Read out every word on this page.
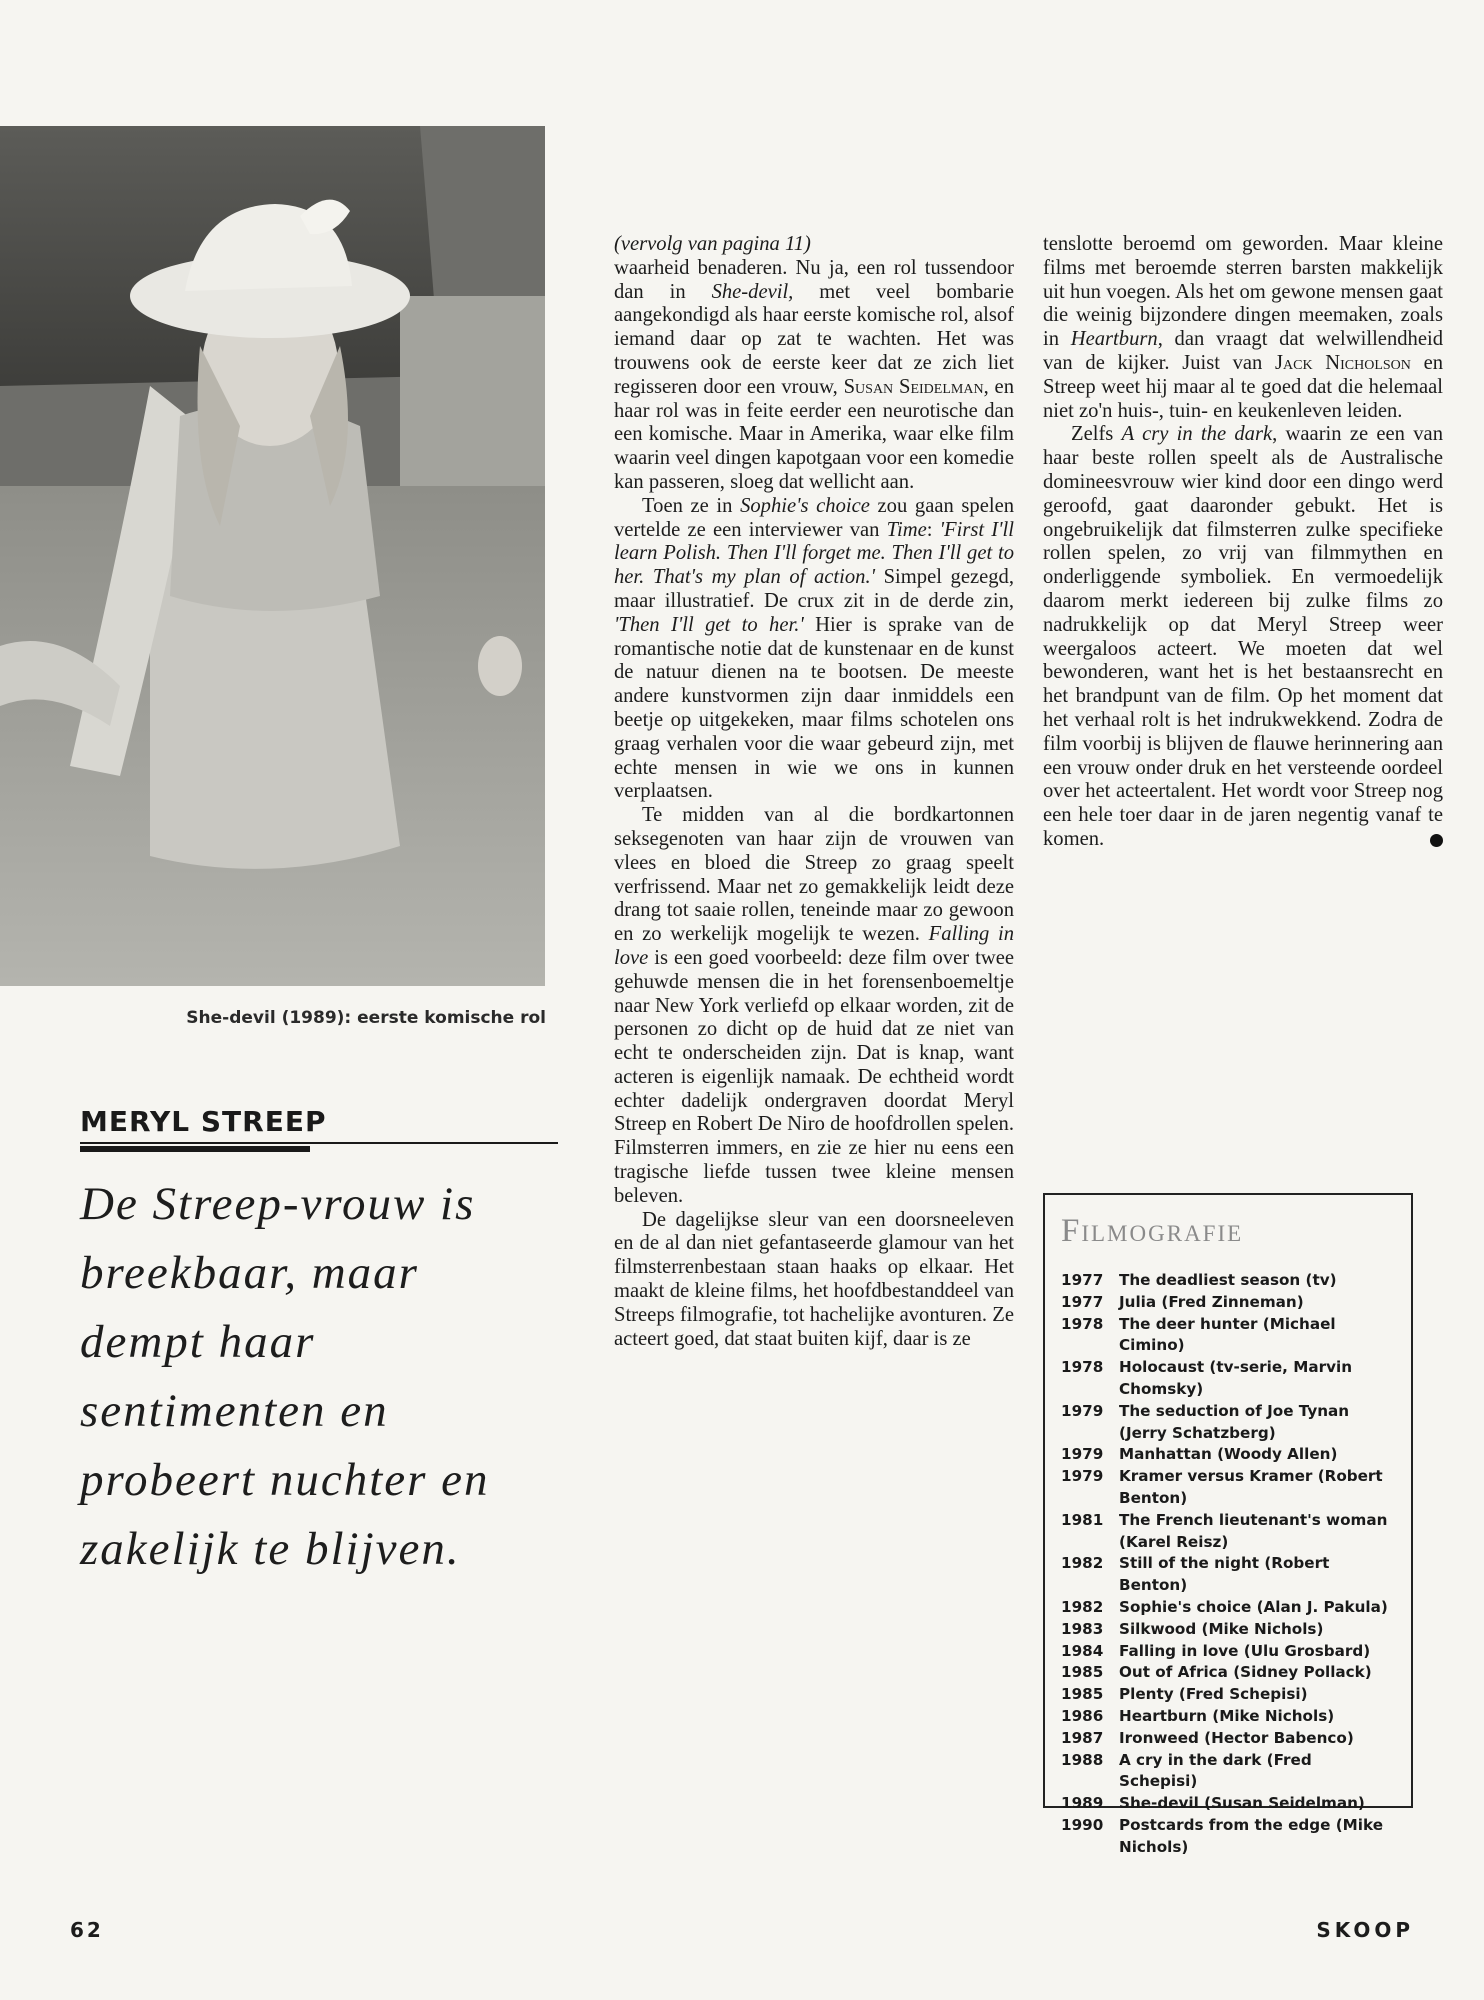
She-devil (1989): eerste komische rol
MERYL STREEP
De Streep-vrouw is breekbaar, maar dempt haar sentimenten en probeert nuchter en zakelijk te blijven.
(vervolg van pagina 11)

waarheid benaderen. Nu ja, een rol tussendoor dan in She-devil, met veel bombarie aangekondigd als haar eerste komische rol, alsof iemand daar op zat te wachten. Het was trouwens ook de eerste keer dat ze zich liet regisseren door een vrouw, Susan Seidelman, en haar rol was in feite eerder een neurotische dan een komische. Maar in Amerika, waar elke film waarin veel dingen kapotgaan voor een komedie kan passeren, sloeg dat wellicht aan.

Toen ze in Sophie's choice zou gaan spelen vertelde ze een interviewer van Time: 'First I'll learn Polish. Then I'll forget me. Then I'll get to her. That's my plan of action.' Simpel gezegd, maar illustratief. De crux zit in de derde zin, 'Then I'll get to her.' Hier is sprake van de romantische notie dat de kunstenaar en de kunst de natuur dienen na te bootsen. De meeste andere kunstvormen zijn daar inmiddels een beetje op uitgekeken, maar films schotelen ons graag verhalen voor die waar gebeurd zijn, met echte mensen in wie we ons in kunnen verplaatsen.

Te midden van al die bordkartonnen seksegenoten van haar zijn de vrouwen van vlees en bloed die Streep zo graag speelt verfrissend. Maar net zo gemakkelijk leidt deze drang tot saaie rollen, teneinde maar zo gewoon en zo werkelijk mogelijk te wezen. Falling in love is een goed voorbeeld: deze film over twee gehuwde mensen die in het forensenboemeltje naar New York verliefd op elkaar worden, zit de personen zo dicht op de huid dat ze niet van echt te onderscheiden zijn. Dat is knap, want acteren is eigenlijk namaak. De echtheid wordt echter dadelijk ondergraven doordat Meryl Streep en Robert De Niro de hoofdrollen spelen. Filmsterren immers, en zie ze hier nu eens een tragische liefde tussen twee kleine mensen beleven.

De dagelijkse sleur van een doorsneeleven en de al dan niet gefantaseerde glamour van het filmsterrenbestaan staan haaks op elkaar. Het maakt de kleine films, het hoofdbestanddeel van Streeps filmografie, tot hachelijke avonturen. Ze acteert goed, dat staat buiten kijf, daar is ze

tenslotte beroemd om geworden. Maar kleine films met beroemde sterren barsten makkelijk uit hun voegen. Als het om gewone mensen gaat die weinig bijzondere dingen meemaken, zoals in Heartburn, dan vraagt dat welwillendheid van de kijker. Juist van Jack Nicholson en Streep weet hij maar al te goed dat die helemaal niet zo'n huis-, tuin- en keukenleven leiden.

Zelfs A cry in the dark, waarin ze een van haar beste rollen speelt als de Australische domineesvrouw wier kind door een dingo werd geroofd, gaat daaronder gebukt. Het is ongebruikelijk dat filmsterren zulke specifieke rollen spelen, zo vrij van filmmythen en onderliggende symboliek. En vermoedelijk daarom merkt iedereen bij zulke films zo nadrukkelijk op dat Meryl Streep weer weergaloos acteert. We moeten dat wel bewonderen, want het is het bestaansrecht en het brandpunt van de film. Op het moment dat het verhaal rolt is het indrukwekkend. Zodra de film voorbij is blijven de flauwe herinnering aan een vrouw onder druk en het versteende oordeel over het acteertalent. Het wordt voor Streep nog een hele toer daar in de jaren negentig vanaf te komen.

Filmografie
1977	The deadliest season (tv)
1977	Julia (Fred Zinneman)
1978	The deer hunter (Michael Cimino)
1978	Holocaust (tv-serie, Marvin Chomsky)
1979	The seduction of Joe Tynan (Jerry Schatzberg)
1979	Manhattan (Woody Allen)
1979	Kramer versus Kramer (Robert Benton)
1981	The French lieutenant's woman (Karel Reisz)
1982	Still of the night (Robert Benton)
1982	Sophie's choice (Alan J. Pakula)
1983	Silkwood (Mike Nichols)
1984	Falling in love (Ulu Grosbard)
1985	Out of Africa (Sidney Pollack)
1985	Plenty (Fred Schepisi)
1986	Heartburn (Mike Nichols)
1987	Ironweed (Hector Babenco)
1988	A cry in the dark (Fred Schepisi)
1989	She-devil (Susan Seidelman)
1990	Postcards from the edge (Mike Nichols)
62	SKOOP
